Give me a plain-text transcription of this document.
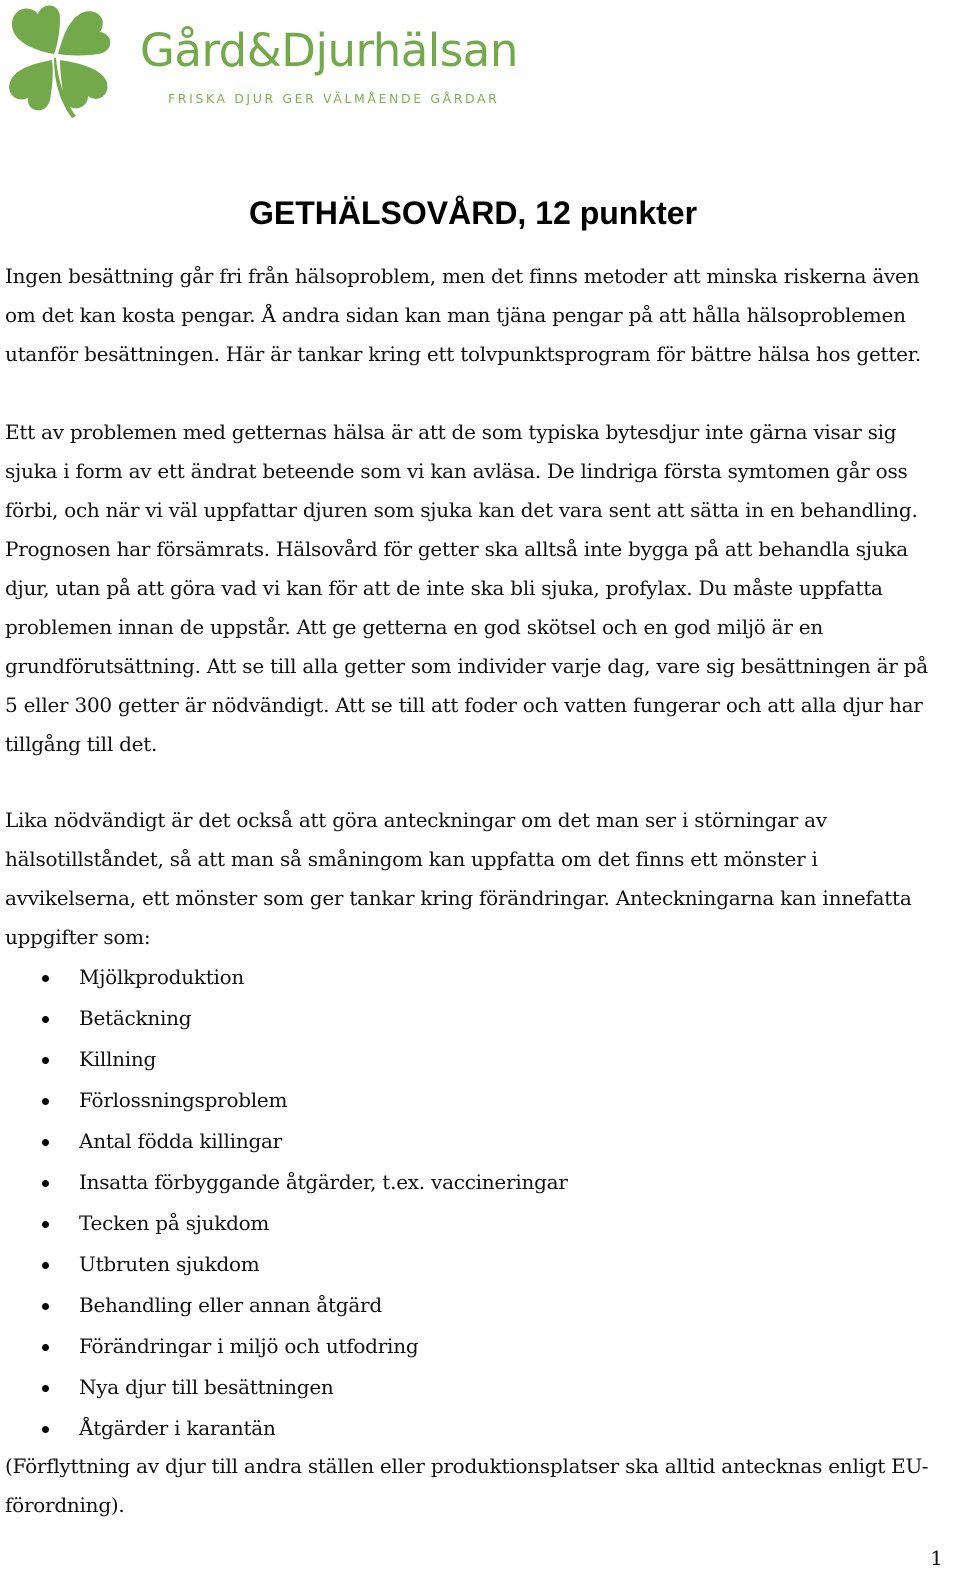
Gård&Djurhälsan
FRISKA DJUR GER VÄLMÅENDE GÅRDAR
GETHÄLSOVÅRD, 12 punkter

Ingen besättning går fri från hälsoproblem, men det finns metoder att minska riskerna även om det kan kosta pengar. Å andra sidan kan man tjäna pengar på att hålla hälsoproblemen utanför besättningen. Här är tankar kring ett tolvpunktsprogram för bättre hälsa hos getter.

Ett av problemen med getternas hälsa är att de som typiska bytesdjur inte gärna visar sig sjuka i form av ett ändrat beteende som vi kan avläsa. De lindriga första symtomen går oss förbi, och när vi väl uppfattar djuren som sjuka kan det vara sent att sätta in en behandling. Prognosen har försämrats. Hälsovård för getter ska alltså inte bygga på att behandla sjuka djur, utan på att göra vad vi kan för att de inte ska bli sjuka, profylax. Du måste uppfatta problemen innan de uppstår. Att ge getterna en god skötsel och en god miljö är en grundförutsättning. Att se till alla getter som individer varje dag, vare sig besättningen är på 5 eller 300 getter är nödvändigt. Att se till att foder och vatten fungerar och att alla djur har tillgång till det.

Lika nödvändigt är det också att göra anteckningar om det man ser i störningar av hälsotillståndet, så att man så småningom kan uppfatta om det finns ett mönster i avvikelserna, ett mönster som ger tankar kring förändringar. Anteckningarna kan innefatta uppgifter som:

Mjölkproduktion
Betäckning
Killning
Förlossningsproblem
Antal födda killingar
Insatta förbyggande åtgärder, t.ex. vaccineringar
Tecken på sjukdom
Utbruten sjukdom
Behandling eller annan åtgärd
Förändringar i miljö och utfodring
Nya djur till besättningen
Åtgärder i karantän

(Förflyttning av djur till andra ställen eller produktionsplatser ska alltid antecknas enligt EU-förordning).

1
